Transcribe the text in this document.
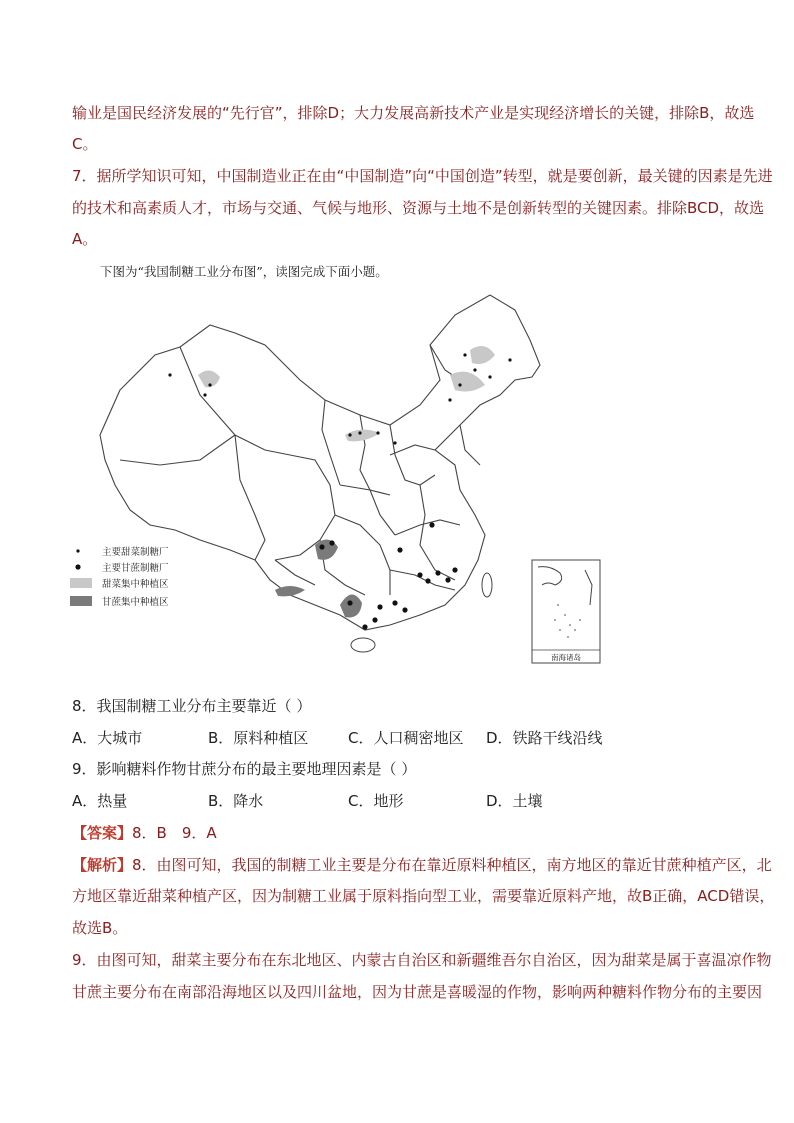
输业是国民经济发展的“先行官”，排除D；大力发展高新技术产业是实现经济增长的关键，排除B，故选
C。
7．据所学知识可知，中国制造业正在由“中国制造”向“中国创造”转型，就是要创新，最关键的因素是先进
的技术和高素质人才，市场与交通、气候与地形、资源与土地不是创新转型的关键因素。排除BCD，故选
A。
下图为“我国制糖工业分布图”，读图完成下面小题。
主要甜菜制糖厂
主要甘蔗制糖厂
甜菜集中种植区
甘蔗集中种植区
南海诸岛
8．我国制糖工业分布主要靠近（ ）
A．大城市	B．原料种植区	C．人口稠密地区 D．铁路干线沿线
9．影响糖料作物甘蔗分布的最主要地理因素是（ ）
A．热量	B．降水	C．地形	D．土壤
【答案】8．B　9．A
【解析】8．由图可知，我国的制糖工业主要是分布在靠近原料种植区，南方地区的靠近甘蔗种植产区，北
方地区靠近甜菜种植产区，因为制糖工业属于原料指向型工业，需要靠近原料产地，故B正确，ACD错误，
故选B。
9．由图可知，甜菜主要分布在东北地区、内蒙古自治区和新疆维吾尔自治区，因为甜菜是属于喜温凉作物
甘蔗主要分布在南部沿海地区以及四川盆地，因为甘蔗是喜暖湿的作物，影响两种糖料作物分布的主要因
